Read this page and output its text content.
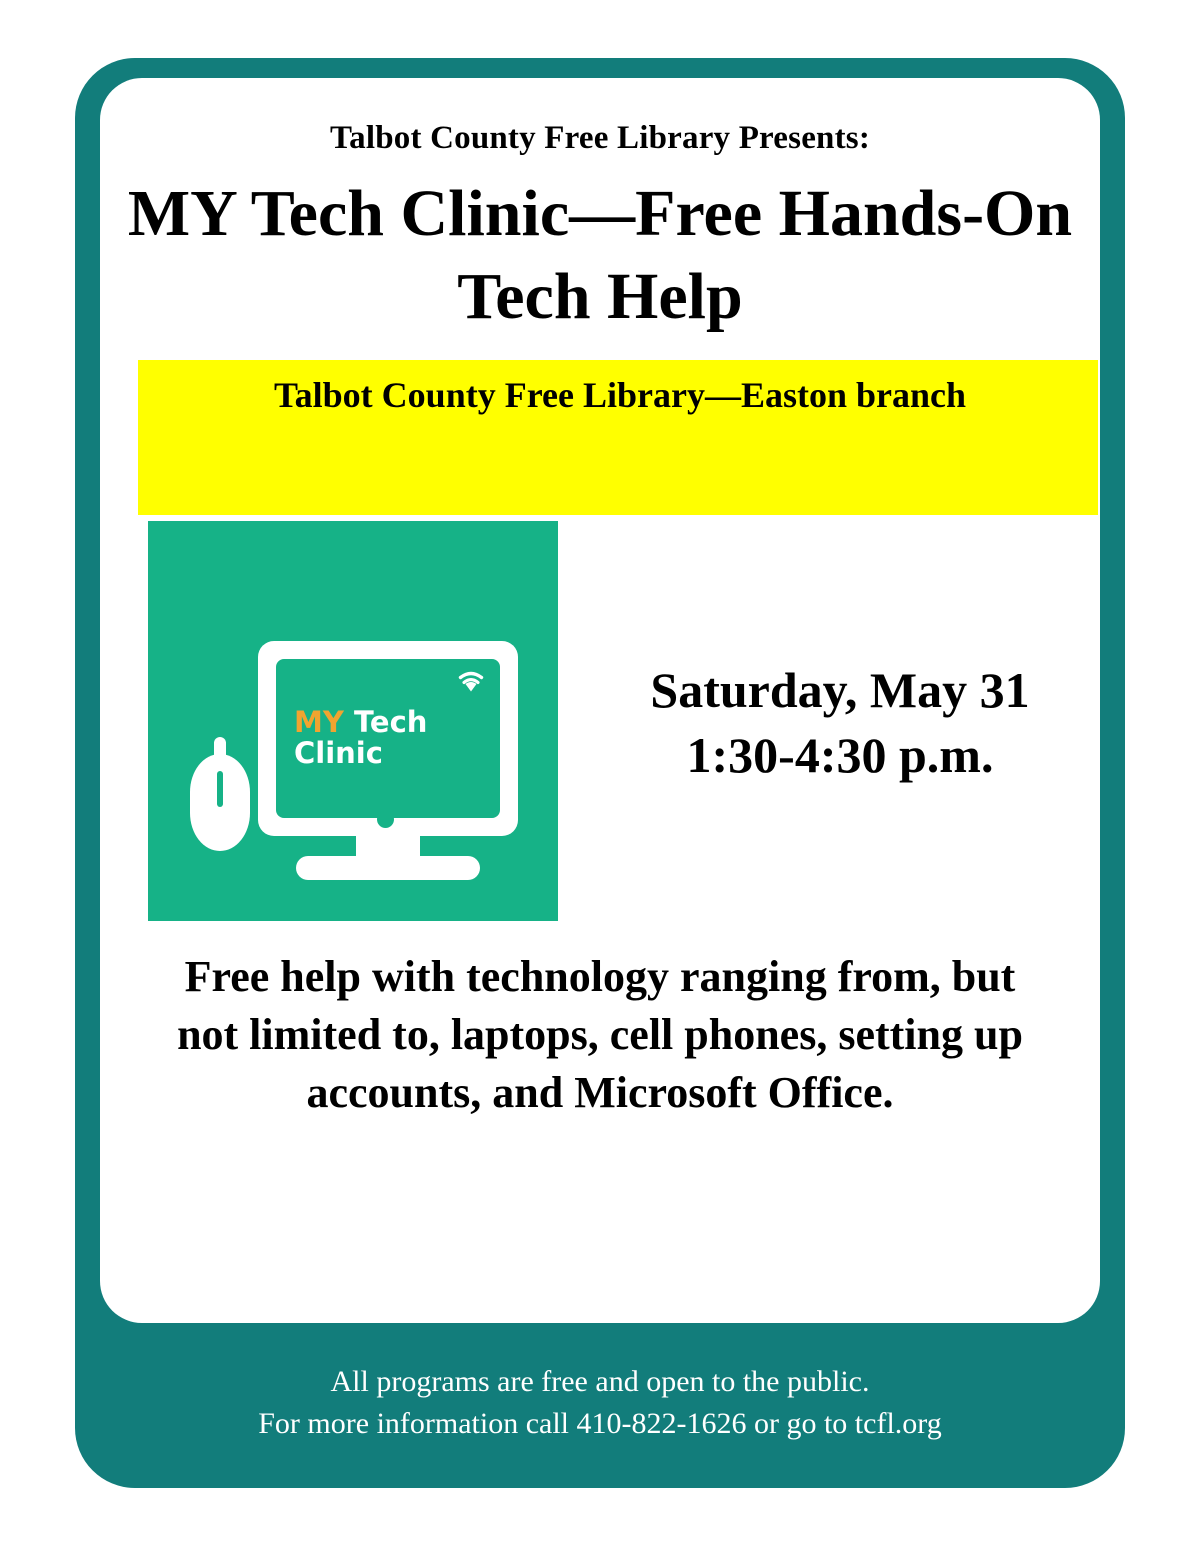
Talbot County Free Library Presents:
MY Tech Clinic—Free Hands-On Tech Help
Talbot County Free Library—Easton branch
MY Tech
Clinic
Saturday, May 31
1:30-4:30 p.m.
Free help with technology ranging from, but not limited to, laptops, cell phones, setting up accounts, and Microsoft Office.
All programs are free and open to the public.
For more information call 410-822-1626 or go to tcfl.org
